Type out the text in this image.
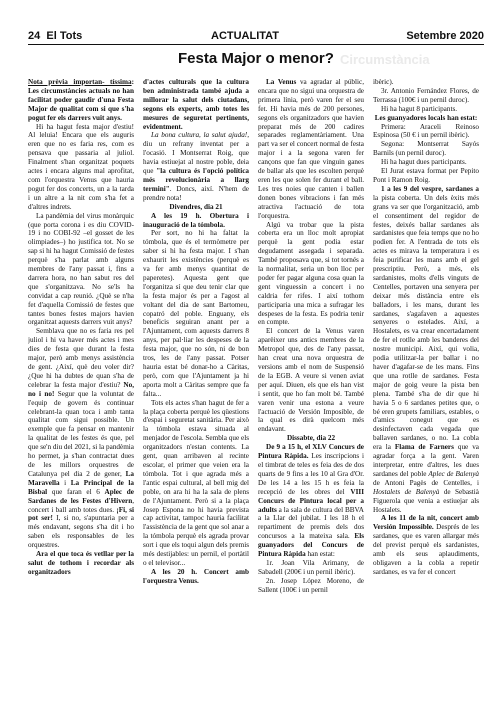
24 El Tots	ACTUALITAT	Setembre 2020
Circumstància
Festa Major o menor?

Nota prèvia importan- tíssima: Les circumstàncies actuals no han facilitat poder gaudir d'una Festa Major de qualitat com si que s'ha pogut fer els darrers vuit anys.

Hi ha hagut festa major d'estiu! Al leluia! Encara que els auguris eren que no es faria res, com es pensava que passaria al juliol. Finalment s'han organitzat poquets actes i encara alguns mal aprofitat, com l'orquestra Venus que hauria pogut fer dos concerts, un a la tarda i un altre a la nit com s'ha fet a d'altres indrets.

La pandèmia del virus monàrquic (que porta corona i es diu COVID-19 i no COBI-92 –el gosset de les olimpiades–) ho justifica tot. No se sap si hi ha hagut Comissió de festes perquè s'ha parlat amb alguns membres de l'any passat i, fins a darrera hora, no han sabut res del que s'organitzava. No se'ls ha convidat a cap reunió. ¿Què se n'ha fet d'aquella Comissió de festes que tantes bones festes majors havien organitzat aquests darrers vuit anys?

Semblava que no es faria res pel juliol i hi va haver més actes i mes dies de festa que durant la festa major, però amb menys assistència de gent. ¿Així, què deu voler dir? ¿Que hi ha dubtes de quan s'ha de celebrar la festa major d'estiu? No, no i no! Segur que la voluntat de l'equip de govern és continuar celebrant-la quan toca i amb tanta qualitat com sigui possible. Un exemple que fa pensar en mantenir la qualitat de les festes és que, pel que se'n diu del 2021, si la pandèmia ho permet, ja s'han contractat dues de les millors orquestres de Catalunya pel dia 2 de gener, La Maravella i La Principal de la Bisbal que faran el 6 Aplec de Sardanes de les Festes d'Hivern, concert i ball amb totes dues. ¡Fi, si pot ser! I, si no, s'apuntaria per a més endavant, segons s'ha dit i ho saben els responsables de les orquestres.

Ara el que toca és vetllar per la salut de tothom i recordar als organitzadors

d'actes culturals que la cultura ben administrada també ajuda a millorar la salut dels ciutadans, segons els experts, amb totes les mesures de seguretat pertinents, evidentment.

La bona cultura, la salut ajuda!, diu un refrany inventat per a l'ocasió. I Montserrat Roig, que havia estiuejat al nostre poble, deia que "la cultura és l'opció política més revolucionària a llarg termini". Doncs, així. N'hem de prendre nota!

Divendres, dia 21

A les 19 h. Obertura i inauguració de la tómbola.

Per sort, no hi ha faltat la tómbola, que és el termòmetre per saber si hi ha festa major. I s'han exhaurit les existències (perquè es va fer amb menys quantitat de paperetes). Aquesta gent que l'organitza sí que deu tenir clar que la festa major és per a l'agost al voltant del dia de sant Bartomeu, copatró del poble. Enguany, els beneficis seguiran anant per a l'Ajuntament, com aquests darrers 8 anys, per pal·liar les despeses de la festa major, que no són, ni de bon tros, les de l'any passat. Potser hauria estat bé donar-ho a Càritas, però, com que l'Ajuntament ja hi aporta molt a Càritas sempre que fa falta...

Tots els actes s'han hagut de fer a la plaça coberta perquè les qüestions d'espai i seguretat sanitària. Per això la tómbola estava situada al menjador de l'escola. Sembla que els organitzadors n'estan contents. La gent, quan arribaven al recinte escolar, el primer que veien era la tómbola. Tot i que agrada més a l'antic espai cultural, al bell mig del poble, on ara hi ha la sala de plens de l'Ajuntament. Però si a la plaça Josep Espona no hi havia prevista cap activitat, tampoc hauria facilitat l'assistència de la gent que sol anar a la tómbola perquè els agrada provar sort i que els toqui algun dels premis més destijables: un pernil, el portàtil o el televisor...

A les 20 h. Concert amb l'orquestra Venus.

La Venus va agradar al públic, encara que no sigui una orquestra de primera línia, però varen fer el seu fet. Hi havia més de 200 persones, segons els organitzadors que havien preparat més de 200 cadires separades reglamentàriament. Una part va ser el concert normal de festa major i a la segona varen fer cançons que fan que vinguin ganes de ballar als que les escolten perquè eren les que solen fer durant el ball. Les tres noies que canten i ballen donen bones vibracions i fan més atractiva l'actuació de tota l'orquestra.

Algú va trobar que la pista coberta era un lloc molt apropiat perquè la gent podia estar degudament assegada i separada. També proposava que, si tot tornés a la normalitat, seria un bon lloc per poder fer pagar alguna cosa quan la gent vinguessin a concert i no caldria fer rifes. I així tothom participaria una mica a sufragar les despeses de la festa. Es podria tenir en compte.

El concert de la Venus varen aparèixer uns antics membres de la Metropol que, des de l'any passat, han creat una nova orquestra de versions amb el nom de Suspensió de la EGB. A veure si venen aviat per aquí. Diuen, els que els han vist i sentit, que ho fan molt bé. També varen venir una estona a veure l'actuació de Versión Imposible, de la qual es dirà quelcom més endavant.

Dissabte, dia 22

De 9 a 15 h, el XLV Concurs de Pintura Ràpida. Les inscripcions i el timbrat de teles es feia des de dos quarts de 9 fins a les 10 al Gra d'Or. De les 14 a les 15 h es feia la recepció de les obres del VIII Concurs de Pintura local per a adults a la sala de cultura del BBVA a la Llar del jubilat. I les 18 h el repartiment de premis dels dos concursos a la mateixa sala. Els guanyadors del Concurs de Pintura Ràpida han estat:

1r. Joan Vila Arimany, de Sabadell (200€ i un pernil ibèric).

2n. Josep López Moreno, de Sallent (100€ i un pernil

ibèric).

3r. Antonio Fernández Flores, de Terrassa (100€ i un pernil duroc).

Hi ha hagut 8 participants.

Les guanyadores locals han estat:

Primera: Araceli Reinoso Espinosa (50 € i un pernil ibèric).

Segona: Montserrat Sayós Barnils (un pernil duroc).

Hi ha hagut dues participants.

El Jurat estava format per Pepito Pont i Ramon Roig.

1 a les 9 del vespre, sardanes a la pista coberta. Un dels èxits més grans va ser que l'organització, amb el consentiment del regidor de festes, deixés ballar sardanes als sardanistes que feia temps que no ho podien fer. A l'entrada de tots els actes es mirava la temperatura i es feia purificar les mans amb el gel prescriptiu. Però, a més, els sardanistes, molts d'ells vinguts de Centelles, portaven una senyera per deixar més distància entre els balladors, i les mans, durant les sardanes, s'agafaven a aquestes senyeres o estelades. Així, a Hostalets, es va crear encertadament de fer el rotlle amb les banderes del nostre municipi. Així, qui volia, podia utilitzar-la per ballar i no haver d'agafar-se de les mans. Fins que una rotlle de sardanes. Festa major de goig veure la pista ben plena. També s'ha de dir que hi havia 5 o 6 sardanes petites que, o bé eren grupets familiars, estables, o d'amics conegut que es desinfectaven cada vegada que ballaven sardanes, o no. La cobla era la Flama de Farners que va agradar força a la gent. Varen interpretar, entre d'altres, les dues sardanes del poble Aplec de Balenyà de Antoni Pagès de Centelles, i Hostalets de Balenyà de Sebastià Figuerola que venia a estiuejar als Hostalets.

A les 11 de la nit, concert amb Versión Impossible. Després de les sardanes, que es varen allargar més del previst perquè els sardanistes, amb els seus aplaudiments, obligaven a la cobla a repetir sardanes, es va fer el concert
